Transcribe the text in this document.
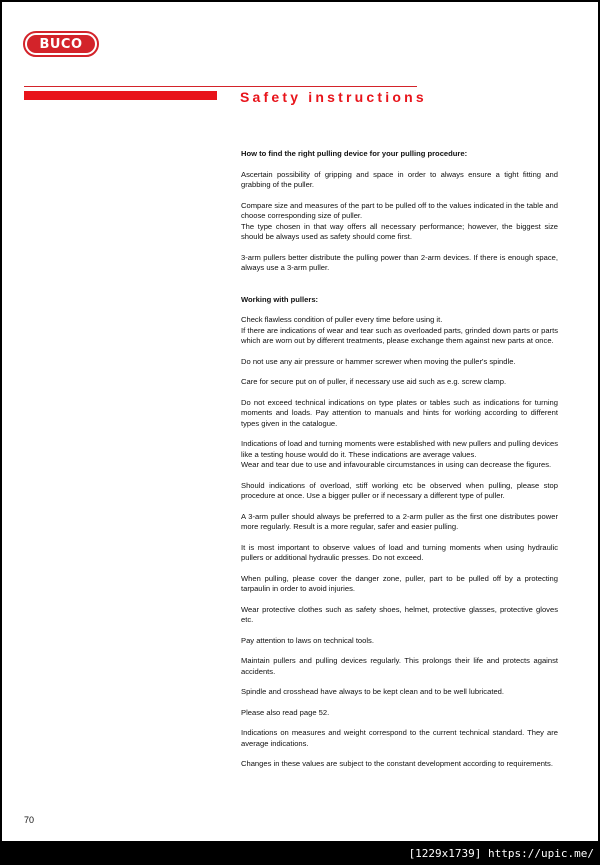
BUCO
Safety instructions
How to find the right pulling device for your pulling procedure:
Ascertain possibility of gripping and space in order to always ensure a tight fitting and grabbing of the puller.
Compare size and measures of the part to be pulled off to the values indicated in the table and choose corresponding size of puller.
The type chosen in that way offers all necessary performance; however, the biggest size should be always used as safety should come first.
3-arm pullers better distribute the pulling power than 2-arm devices. If there is enough space, always use a 3-arm puller.
Working with pullers:
Check flawless condition of puller every time before using it.
If there are indications of wear and tear such as overloaded parts, grinded down parts or parts which are worn out by different treatments, please exchange them against new parts at once.
Do not use any air pressure or hammer screwer when moving the puller's spindle.
Care for secure put on of puller, if necessary use aid such as e.g. screw clamp.
Do not exceed technical indications on type plates or tables such as indications for turning moments and loads. Pay attention to manuals and hints for working according to different types given in the catalogue.
Indications of load and turning moments were established with new pullers and pulling devices like a testing house would do it. These indications are average values.
Wear and tear due to use and infavourable circumstances in using can decrease the figures.
Should indications of overload, stiff working etc be observed when pulling, please stop procedure at once. Use a bigger puller or if necessary a different type of puller.
A 3-arm puller should always be preferred to a 2-arm puller as the first one distributes power more regularly. Result is a more regular, safer and easier pulling.
It is most important to observe values of load and turning moments when using hydraulic pullers or additional hydraulic presses. Do not exceed.
When pulling, please cover the danger zone, puller, part to be pulled off by a protecting tarpaulin in order to avoid injuries.
Wear protective clothes such as safety shoes, helmet, protective glasses, protective gloves etc.
Pay attention to laws on technical tools.
Maintain pullers and pulling devices regularly. This prolongs their life and protects against accidents.
Spindle and crosshead have always to be kept clean and to be well lubricated.
Please also read page 52.
Indications on measures and weight correspond to the current technical standard. They are average indications.
Changes in these values are subject to the constant development according to requirements.
70
[1229x1739] https://upic.me/
